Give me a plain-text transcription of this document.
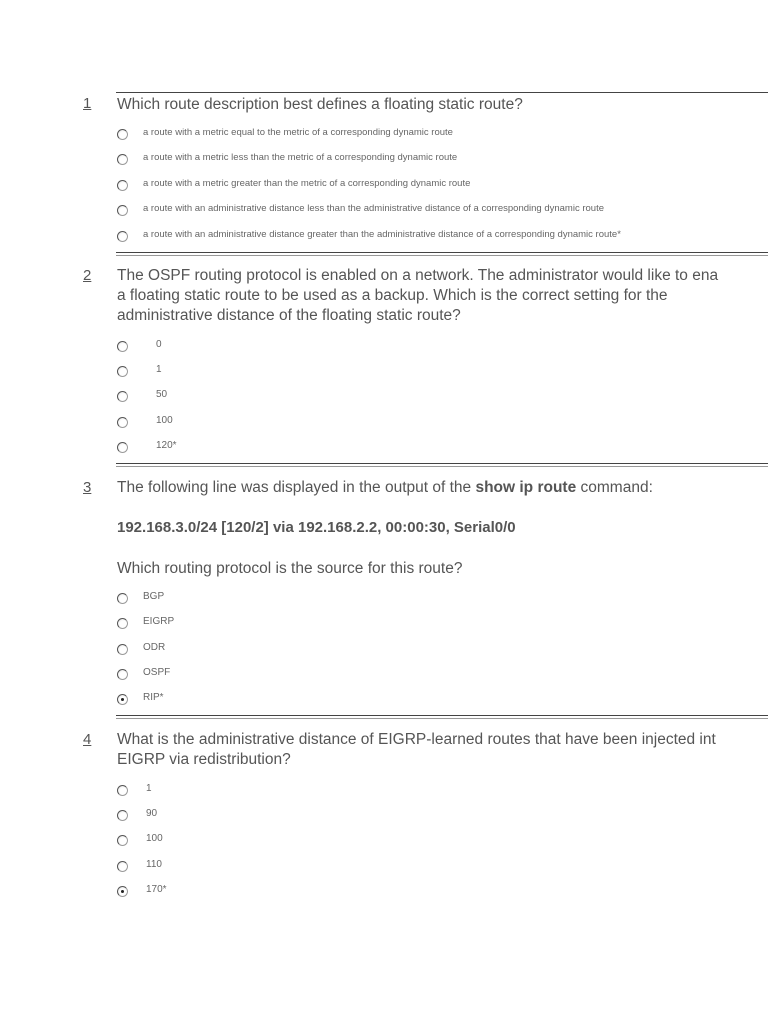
1 Which route description best defines a floating static route?
a route with a metric equal to the metric of a corresponding dynamic route
a route with a metric less than the metric of a corresponding dynamic route
a route with a metric greater than the metric of a corresponding dynamic route
a route with an administrative distance less than the administrative distance of a corresponding dynamic route
a route with an administrative distance greater than the administrative distance of a corresponding dynamic route*
2 The OSPF routing protocol is enabled on a network. The administrator would like to ena
a floating static route to be used as a backup. Which is the correct setting for the
administrative distance of the floating static route?
0
1
50
100
120*
3 The following line was displayed in the output of the show ip route command:
192.168.3.0/24 [120/2] via 192.168.2.2, 00:00:30, Serial0/0
Which routing protocol is the source for this route?
BGP
EIGRP
ODR
OSPF
RIP*
4 What is the administrative distance of EIGRP-learned routes that have been injected int
EIGRP via redistribution?
1
90
100
110
170*
